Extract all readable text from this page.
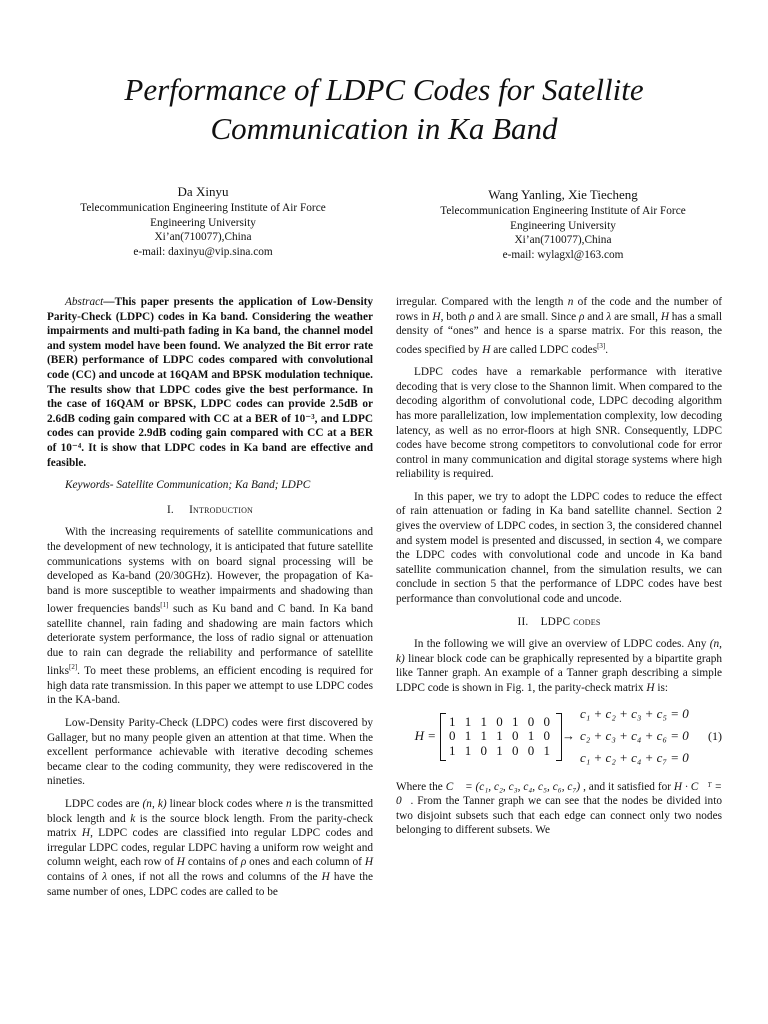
Performance of LDPC Codes for Satellite
Communication in Ka Band
Da Xinyu
Telecommunication Engineering Institute of Air Force
Engineering University
Xi’an(710077),China
e-mail: daxinyu@vip.sina.com
Wang Yanling, Xie Tiecheng
Telecommunication Engineering Institute of Air Force
Engineering University
Xi’an(710077),China
e-mail: wylagxl@163.com

Abstract—This paper presents the application of Low-Density Parity-Check (LDPC) codes in Ka band. Considering the weather impairments and multi-path fading in Ka band, the channel model and system model have been found. We analyzed the Bit error rate (BER) performance of LDPC codes compared with convolutional code (CC) and uncode at 16QAM and BPSK modulation technique. The results show that LDPC codes give the best performance. In the case of 16QAM or BPSK, LDPC codes can provide 2.5dB or 2.6dB coding gain compared with CC at a BER of 10⁻³, and LDPC codes can provide 2.9dB coding gain compared with CC at a BER of 10⁻⁴. It is show that LDPC codes in Ka band are effective and feasible.

Keywords- Satellite Communication; Ka Band; LDPC

I. Introduction

With the increasing requirements of satellite communications and the development of new technology, it is anticipated that future satellite communications systems with on board signal processing will be developed as Ka-band (20/30GHz). However, the propagation of Ka-band is more susceptible to weather impairments and shadowing than lower frequencies bands[1] such as Ku band and C band. In Ka band satellite channel, rain fading and shadowing are main factors which deteriorate system performance, the loss of radio signal or attenuation due to rain can degrade the reliability and performance of satellite links[2]. To meet these problems, an efficient encoding is required for high data rate transmission. In this paper we attempt to use LDPC codes in the KA-band.

Low-Density Parity-Check (LDPC) codes were first discovered by Gallager, but no many people given an attention at that time. When the excellent performance achievable with iterative decoding schemes became clear to the coding community, they were rediscovered in the nineties.

LDPC codes are (n, k) linear block codes where n is the transmitted block length and k is the source block length. From the parity-check matrix H, LDPC codes are classified into regular LDPC codes and irregular LDPC codes, regular LDPC having a uniform row weight and column weight, each row of H contains of ρ ones and each column of H contains of λ ones, if not all the rows and columns of the H have the same number of ones, LDPC codes are called to be

irregular. Compared with the length n of the code and the number of rows in H, both ρ and λ are small. Since ρ and λ are small, H has a small density of “ones” and hence is a sparse matrix. For this reason, the codes specified by H are called LDPC codes[3].

LDPC codes have a remarkable performance with iterative decoding that is very close to the Shannon limit. When compared to the decoding algorithm of convolutional code, LDPC decoding algorithm has more parallelization, low implementation complexity, low decoding latency, as well as no error-floors at high SNR. Consequently, LDPC codes have become strong competitors to convolutional code for error control in many communication and digital storage systems where high reliability is required.

In this paper, we try to adopt the LDPC codes to reduce the effect of rain attenuation or fading in Ka band satellite channel. Section 2 gives the overview of LDPC codes, in section 3, the considered channel and system model is presented and discussed, in section 4, we compare the LDPC codes with convolutional code and uncode in Ka band satellite communication channel, from the simulation results, we can conclude in section 5 that the performance of LDPC codes have best performance than convolutional code and uncode.

II. LDPC codes

In the following we will give an overview of LDPC codes. Any (n, k) linear block code can be graphically represented by a bipartite graph like Tanner graph. An example of a Tanner graph describing a simple LDPC code is shown in Fig. 1, the parity-check matrix H is:

H =
1 1 1 0 1 0 0
0 1 1 1 0 1 0
1 1 0 1 0 0 1

→

c₁ + c₂ + c₃ + c₅ = 0
c₂ + c₃ + c₄ + c₆ = 0
c₁ + c₂ + c₄ + c₇ = 0
(1)

Where the C⃗ = (c₁, c₂, c₃, c₄, c₅, c₆, c₇) , and it satisfied for H · C⃗ᵀ = 0⃗. From the Tanner graph we can see that the nodes be divided into two disjoint subsets such that each edge can connect only two nodes belonging to different subsets. We
